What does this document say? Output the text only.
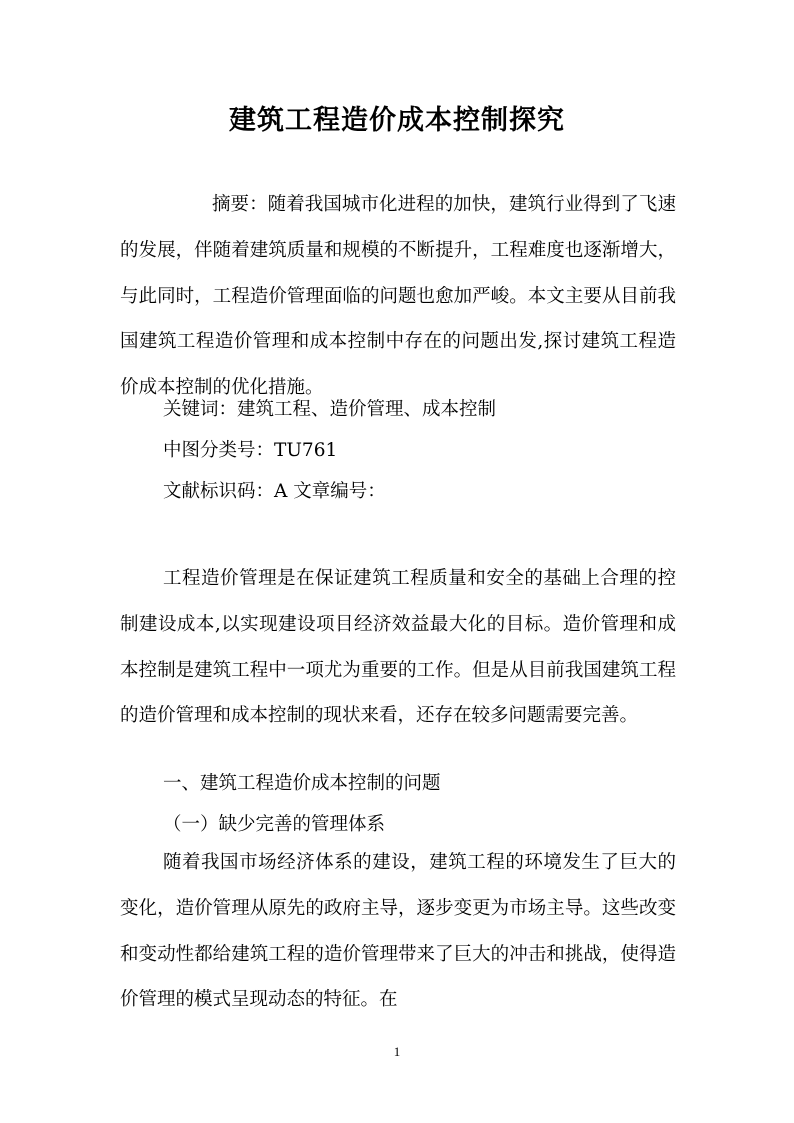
建筑工程造价成本控制探究
摘要：随着我国城市化进程的加快，建筑行业得到了飞速的发展，伴随着建筑质量和规模的不断提升，工程难度也逐渐增大，与此同时，工程造价管理面临的问题也愈加严峻。本文主要从目前我国建筑工程造价管理和成本控制中存在的问题出发,探讨建筑工程造价成本控制的优化措施。
关键词：建筑工程、造价管理、成本控制
中图分类号：TU761
文献标识码：A 文章编号：
工程造价管理是在保证建筑工程质量和安全的基础上合理的控制建设成本,以实现建设项目经济效益最大化的目标。造价管理和成本控制是建筑工程中一项尤为重要的工作。但是从目前我国建筑工程的造价管理和成本控制的现状来看，还存在较多问题需要完善。
一、建筑工程造价成本控制的问题
（一）缺少完善的管理体系
随着我国市场经济体系的建设，建筑工程的环境发生了巨大的变化，造价管理从原先的政府主导，逐步变更为市场主导。这些改变和变动性都给建筑工程的造价管理带来了巨大的冲击和挑战，使得造价管理的模式呈现动态的特征。在
1
